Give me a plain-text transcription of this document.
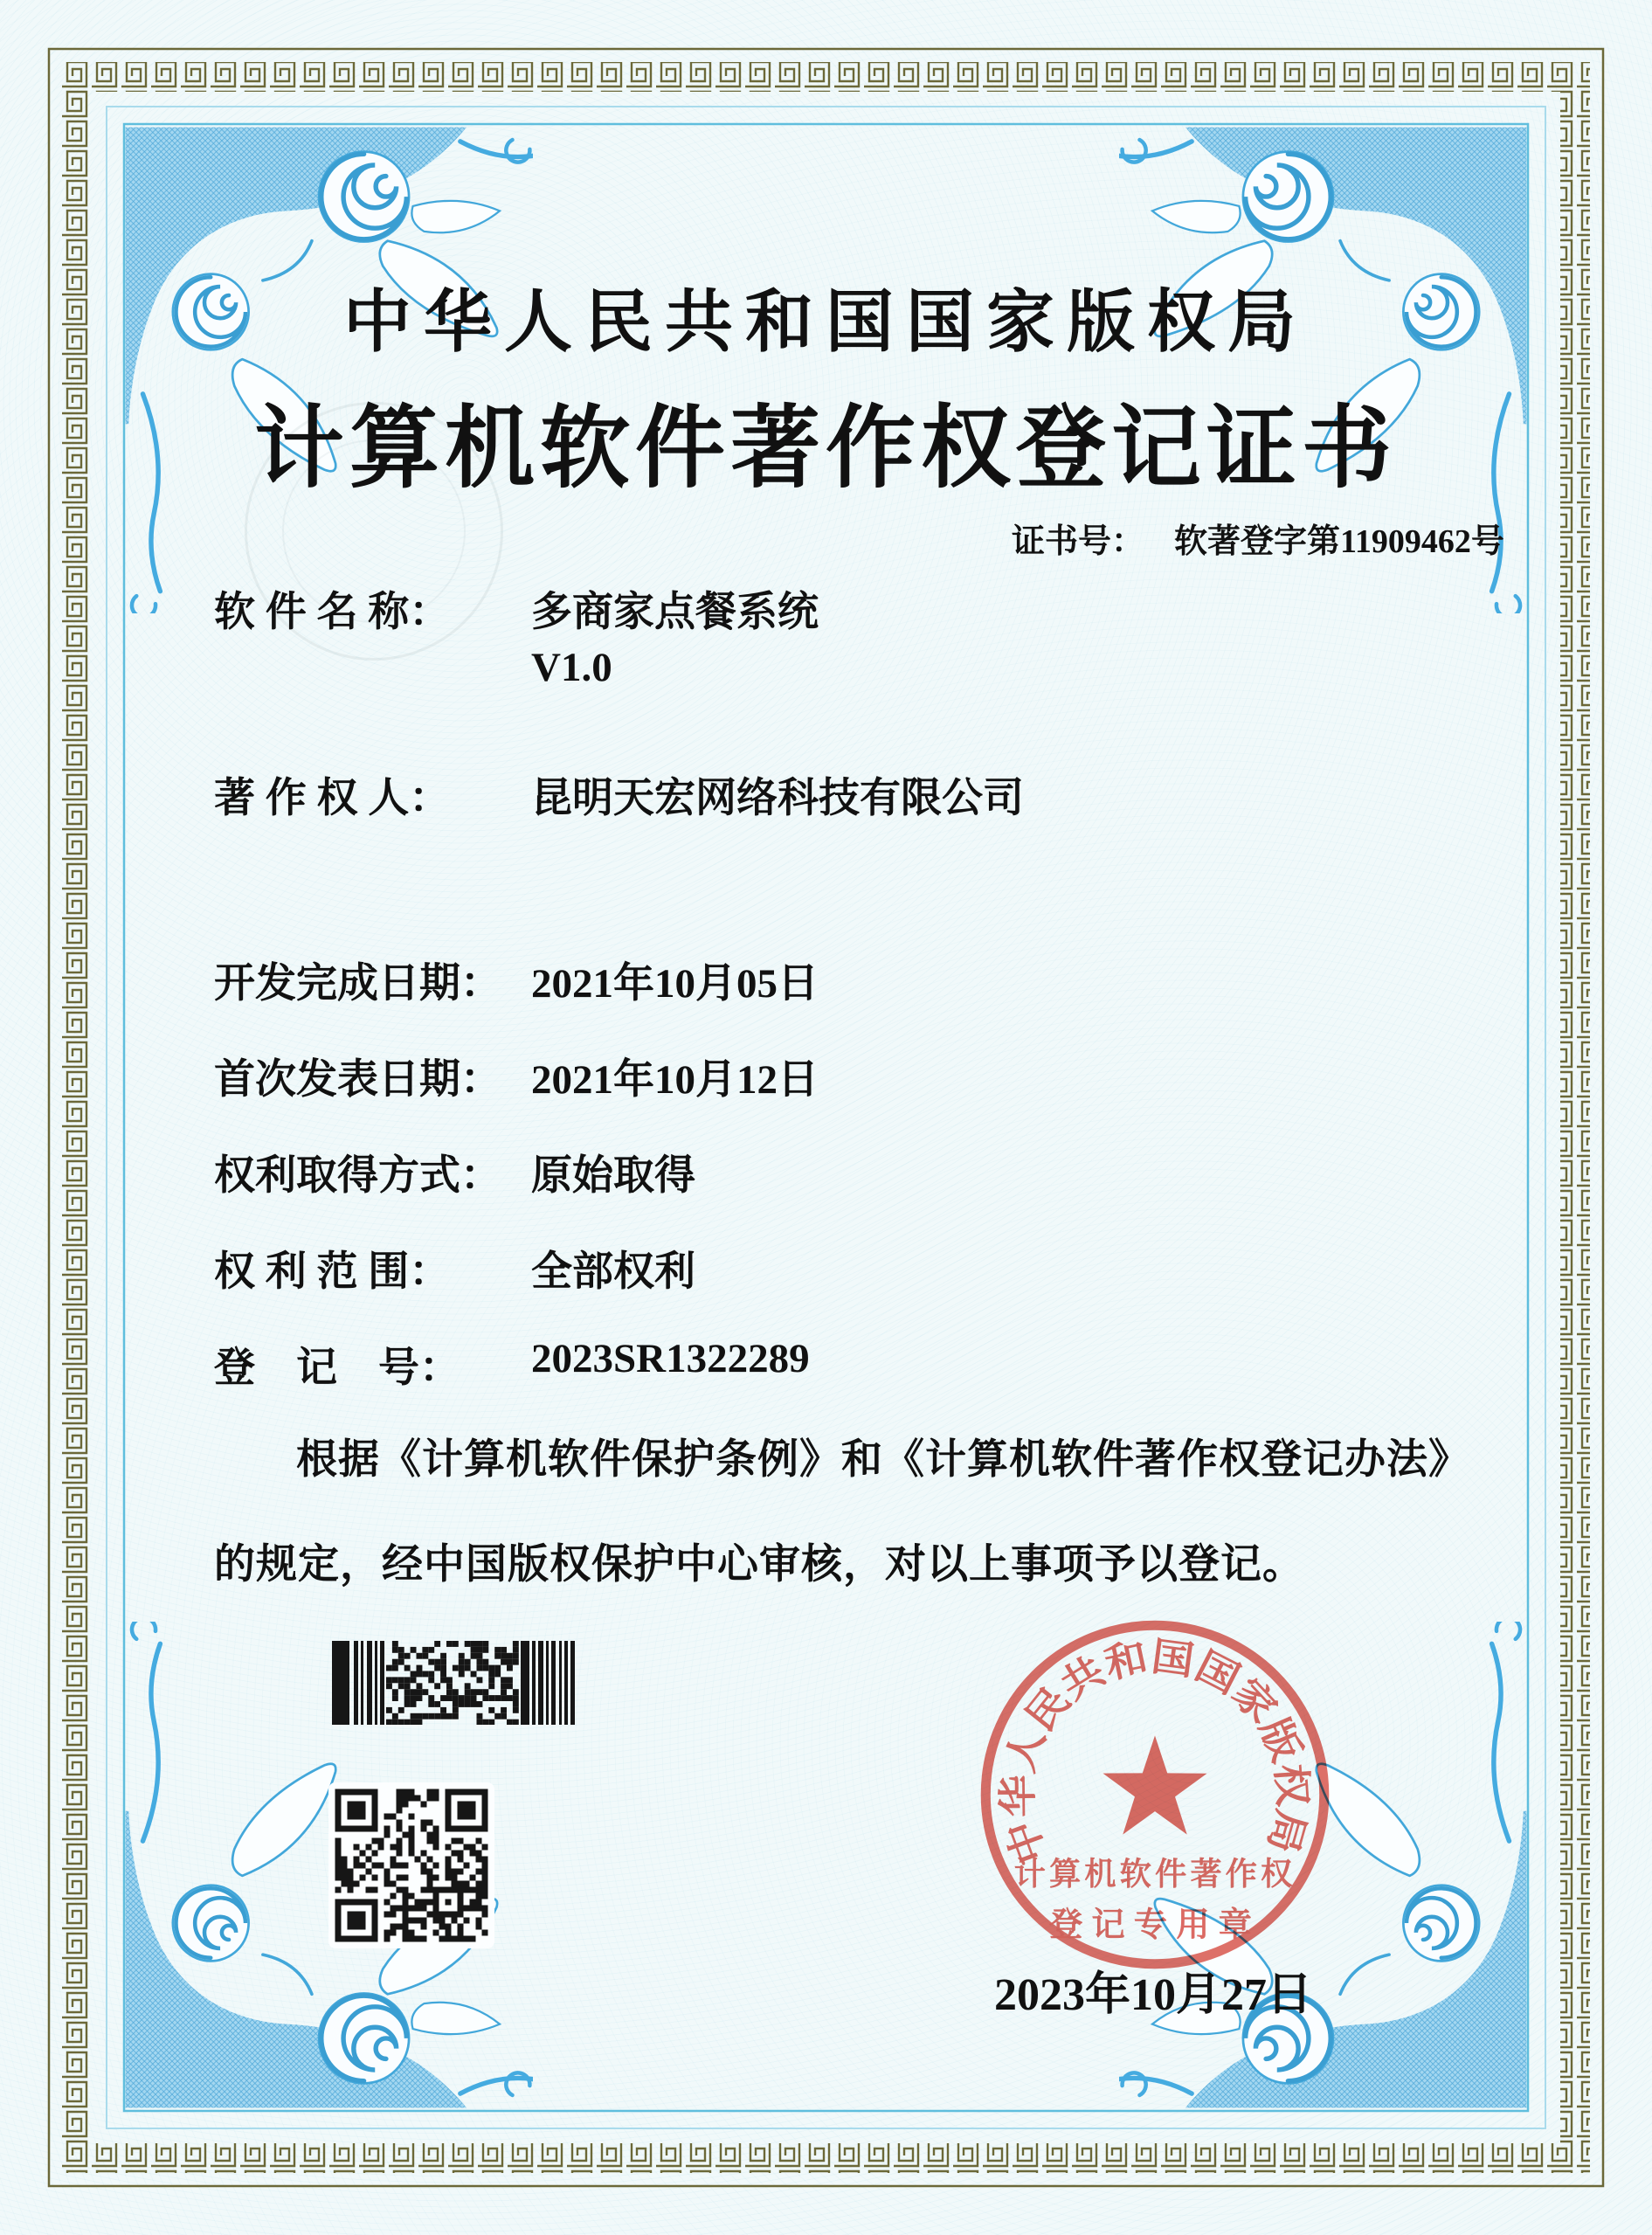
中华人民共和国国家版权局
计算机软件著作权登记证书
证书号： 软著登字第11909462号
软 件 名 称： 多商家点餐系统
V1.0
著 作 权 人： 昆明天宏网络科技有限公司
开发完成日期： 2021年10月05日
首次发表日期： 2021年10月12日
权利取得方式： 原始取得
权 利 范 围： 全部权利
登　记　号： 2023SR1322289
根据《计算机软件保护条例》和《计算机软件著作权登记办法》的规定，经中国版权保护中心审核，对以上事项予以登记。
中华人民共和国国家版权局
计算机软件著作权
登记专用章
2023年10月27日
